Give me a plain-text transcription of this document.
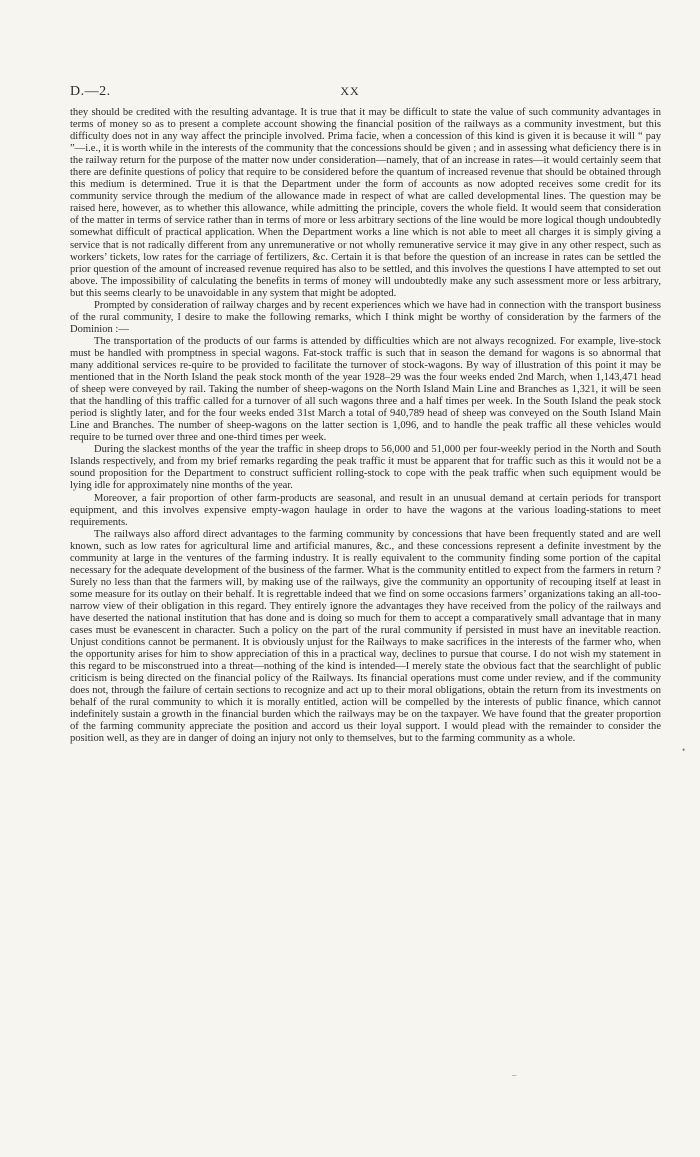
D.—2.	XX

they should be credited with the resulting advantage. It is true that it may be difficult to state the value of such community advantages in terms of money so as to present a complete account showing the financial position of the railways as a community investment, but this difficulty does not in any way affect the principle involved. Prima facie, when a concession of this kind is given it is because it will “ pay ”—i.e., it is worth while in the interests of the community that the concessions should be given ; and in assessing what deficiency there is in the railway return for the purpose of the matter now under consideration—namely, that of an increase in rates—it would certainly seem that there are definite questions of policy that require to be considered before the quantum of increased revenue that should be obtained through this medium is determined. True it is that the Department under the form of accounts as now adopted receives some credit for its community service through the medium of the allowance made in respect of what are called developmental lines. The question may be raised here, however, as to whether this allowance, while admitting the principle, covers the whole field. It would seem that consideration of the matter in terms of service rather than in terms of more or less arbitrary sections of the line would be more logical though undoubtedly somewhat difficult of practical application. When the Department works a line which is not able to meet all charges it is simply giving a service that is not radically different from any unremunerative or not wholly remunerative service it may give in any other respect, such as workers’ tickets, low rates for the carriage of fertilizers, &c. Certain it is that before the question of an increase in rates can be settled the prior question of the amount of increased revenue required has also to be settled, and this involves the questions I have attempted to set out above. The impossibility of calculating the benefits in terms of money will undoubtedly make any such assessment more or less arbitrary, but this seems clearly to be unavoidable in any system that might be adopted.

Prompted by consideration of railway charges and by recent experiences which we have had in connection with the transport business of the rural community, I desire to make the following remarks, which I think might be worthy of consideration by the farmers of the Dominion :—

The transportation of the products of our farms is attended by difficulties which are not always recognized. For example, live-stock must be handled with promptness in special wagons. Fat-stock traffic is such that in season the demand for wagons is so abnormal that many additional services re-quire to be provided to facilitate the turnover of stock-wagons. By way of illustration of this point it may be mentioned that in the North Island the peak stock month of the year 1928–29 was the four weeks ended 2nd March, when 1,143,471 head of sheep were conveyed by rail. Taking the number of sheep-wagons on the North Island Main Line and Branches as 1,321, it will be seen that the handling of this traffic called for a turnover of all such wagons three and a half times per week. In the South Island the peak stock period is slightly later, and for the four weeks ended 31st March a total of 940,789 head of sheep was conveyed on the South Island Main Line and Branches. The number of sheep-wagons on the latter section is 1,096, and to handle the peak traffic all these vehicles would require to be turned over three and one-third times per week.

During the slackest months of the year the traffic in sheep drops to 56,000 and 51,000 per four-weekly period in the North and South Islands respectively, and from my brief remarks regarding the peak traffic it must be apparent that for traffic such as this it would not be a sound proposition for the Department to construct sufficient rolling-stock to cope with the peak traffic when such equipment would be lying idle for approximately nine months of the year.

Moreover, a fair proportion of other farm-products are seasonal, and result in an unusual demand at certain periods for transport equipment, and this involves expensive empty-wagon haulage in order to have the wagons at the various loading-stations to meet requirements.

The railways also afford direct advantages to the farming community by concessions that have been frequently stated and are well known, such as low rates for agricultural lime and artificial manures, &c., and these concessions represent a definite investment by the community at large in the ventures of the farming industry. It is really equivalent to the community finding some portion of the capital necessary for the adequate development of the business of the farmer. What is the community entitled to expect from the farmers in return ? Surely no less than that the farmers will, by making use of the railways, give the community an opportunity of recouping itself at least in some measure for its outlay on their behalf. It is regrettable indeed that we find on some occasions farmers’ organizations taking an all-too-narrow view of their obligation in this regard. They entirely ignore the advantages they have received from the policy of the railways and have deserted the national institution that has done and is doing so much for them to accept a comparatively small advantage that in many cases must be evanescent in character. Such a policy on the part of the rural community if persisted in must have an inevitable reaction. Unjust conditions cannot be permanent. It is obviously unjust for the Railways to make sacrifices in the interests of the farmer who, when the opportunity arises for him to show appreciation of this in a practical way, declines to pursue that course. I do not wish my statement in this regard to be misconstrued into a threat—nothing of the kind is intended—I merely state the obvious fact that the searchlight of public criticism is being directed on the financial policy of the Railways. Its financial operations must come under review, and if the community does not, through the failure of certain sections to recognize and act up to their moral obligations, obtain the return from its investments on behalf of the rural community to which it is morally entitled, action will be compelled by the interests of public finance, which cannot indefinitely sustain a growth in the financial burden which the railways may be on the taxpayer. We have found that the greater proportion of the farming community appreciate the position and accord us their loyal support. I would plead with the remainder to consider the position well, as they are in danger of doing an injury not only to themselves, but to the farming community as a whole.

•
–
